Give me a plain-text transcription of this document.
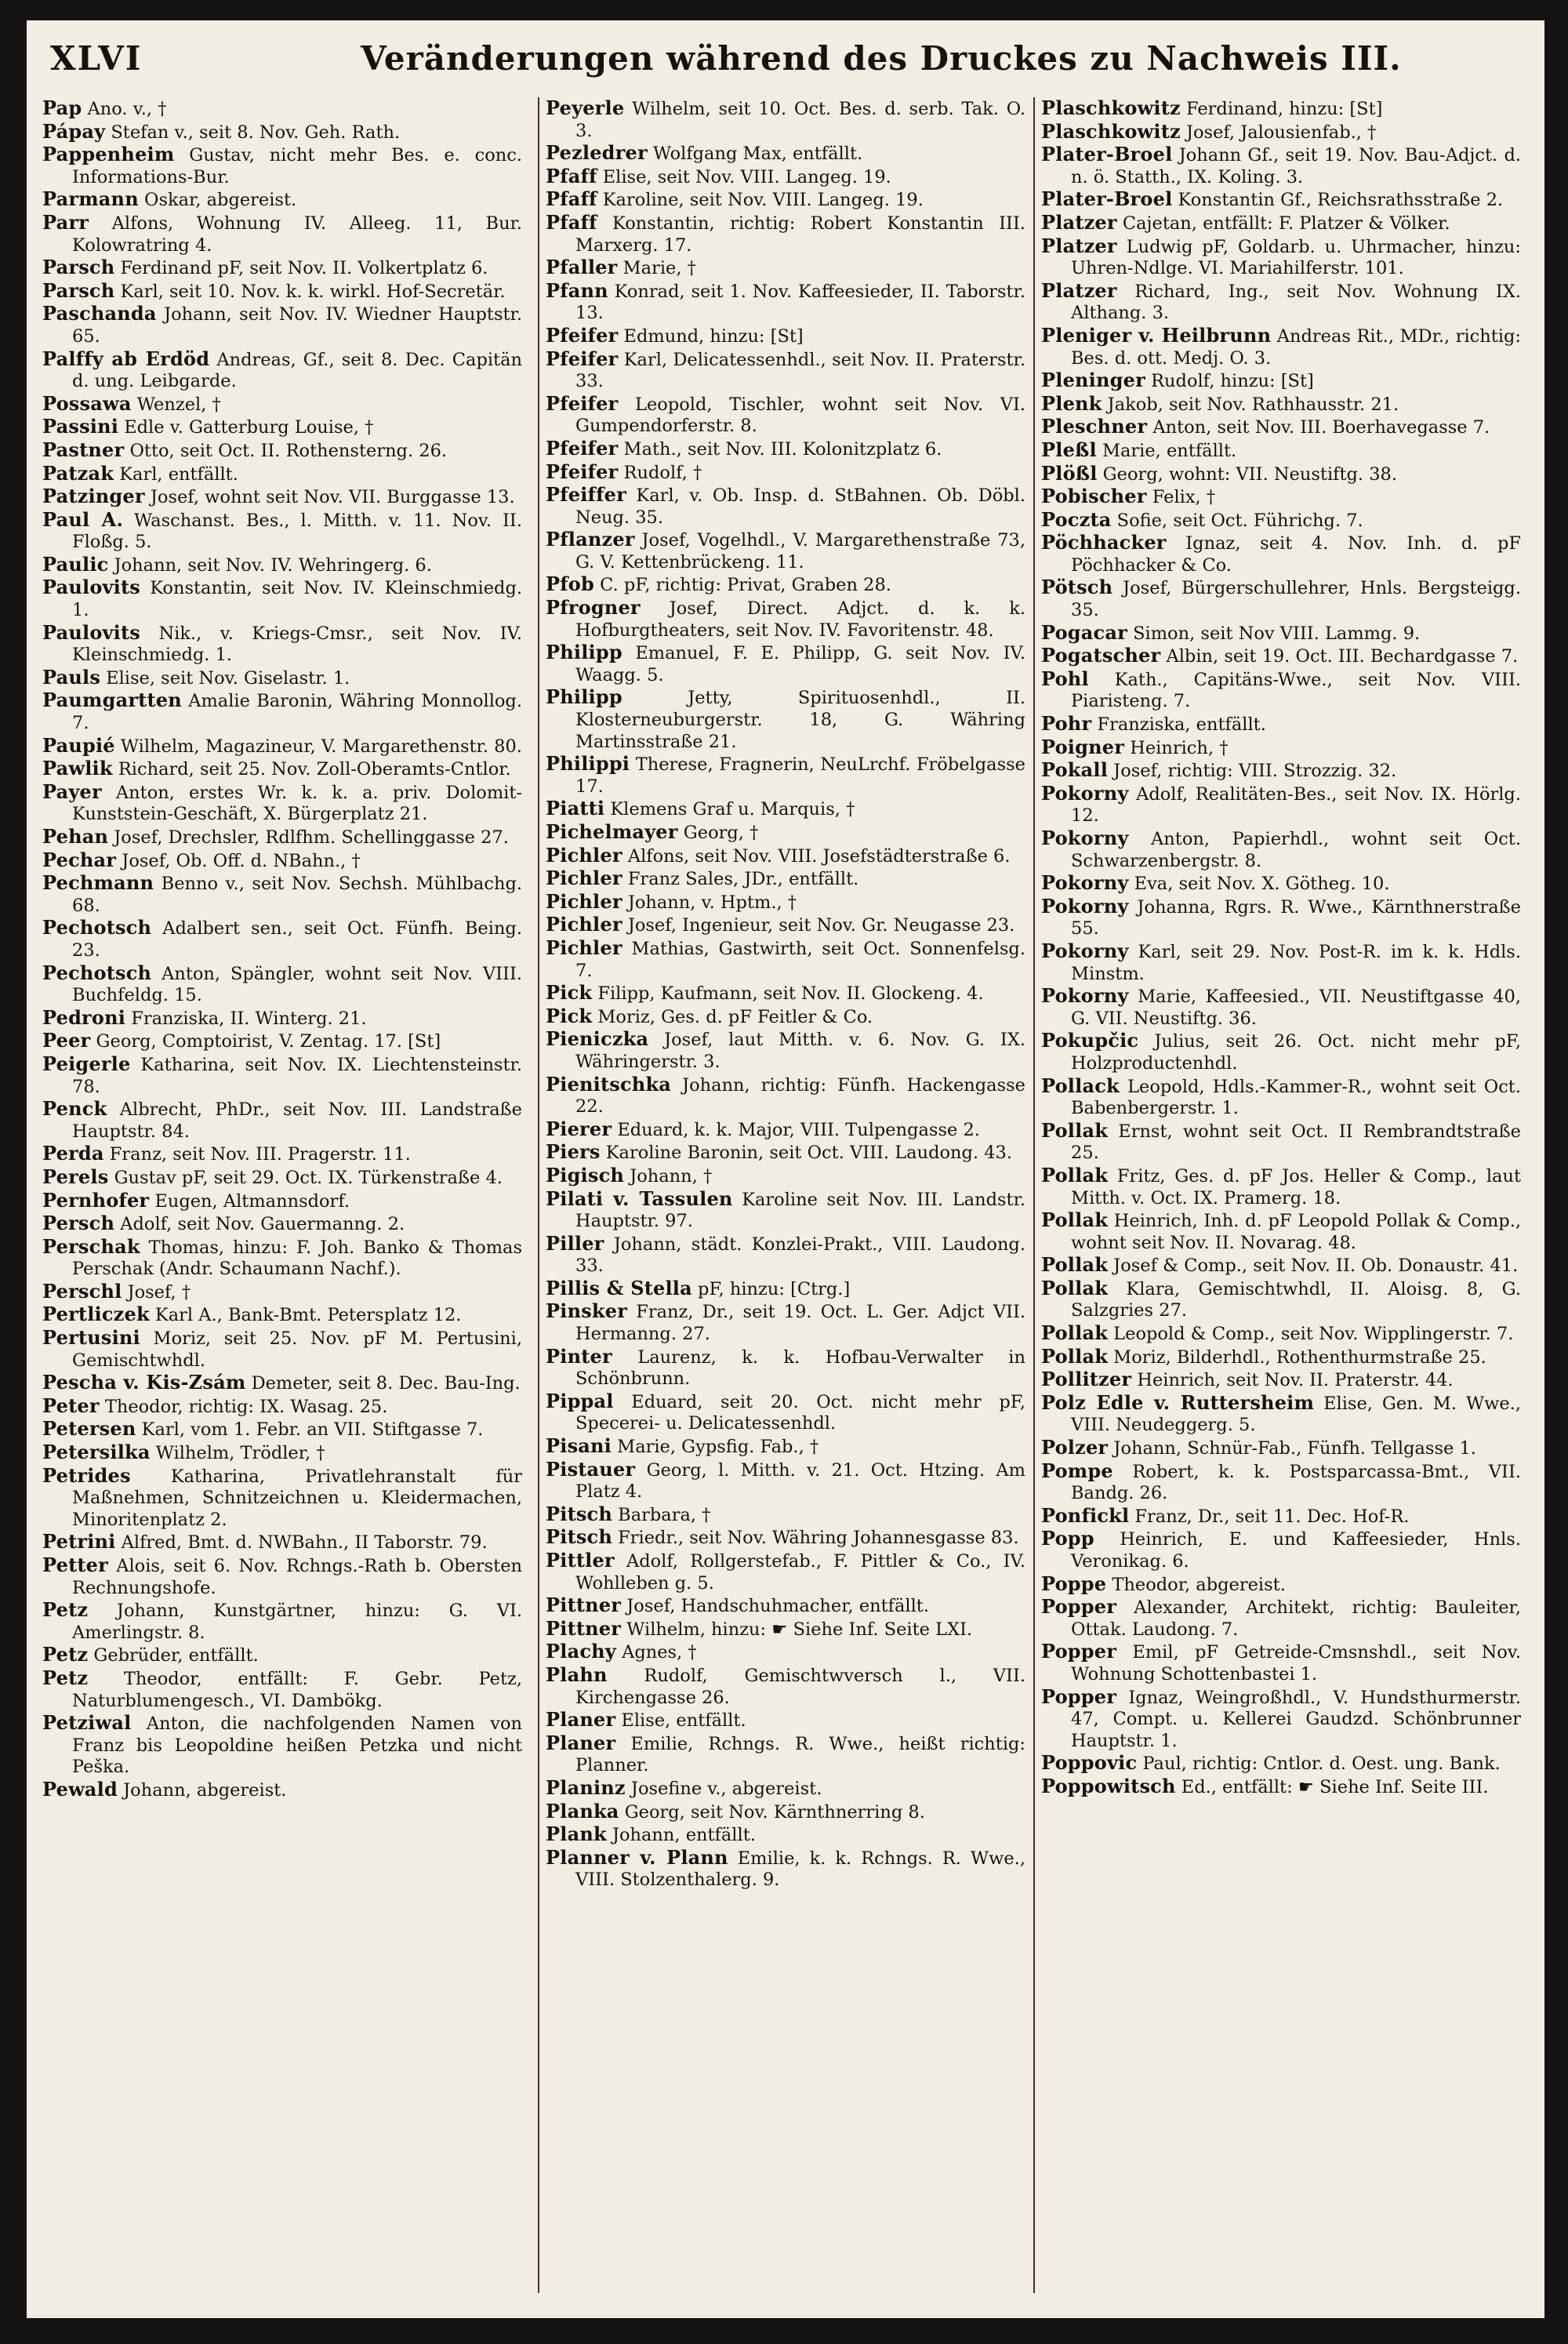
XLVI	Veränderungen während des Druckes zu Nachweis III.

Pap Ano. v., †

Pápay Stefan v., seit 8. Nov. Geh. Rath.

Pappenheim Gustav, nicht mehr Bes. e. conc. Informations-Bur.

Parmann Oskar, abgereist.

Parr Alfons, Wohnung IV. Alleeg. 11, Bur. Kolowratring 4.

Parsch Ferdinand pF, seit Nov. II. Volkertplatz 6.

Parsch Karl, seit 10. Nov. k. k. wirkl. Hof-Secretär.

Paschanda Johann, seit Nov. IV. Wiedner Hauptstr. 65.

Palffy ab Erdöd Andreas, Gf., seit 8. Dec. Capitän d. ung. Leibgarde.

Possawa Wenzel, †

Passini Edle v. Gatterburg Louise, †

Pastner Otto, seit Oct. II. Rothensterng. 26.

Patzak Karl, entfällt.

Patzinger Josef, wohnt seit Nov. VII. Burggasse 13.

Paul A. Waschanst. Bes., l. Mitth. v. 11. Nov. II. Floßg. 5.

Paulic Johann, seit Nov. IV. Wehringerg. 6.

Paulovits Konstantin, seit Nov. IV. Kleinschmiedg. 1.

Paulovits Nik., v. Kriegs-Cmsr., seit Nov. IV. Kleinschmiedg. 1.

Pauls Elise, seit Nov. Giselastr. 1.

Paumgartten Amalie Baronin, Währing Monnollog. 7.

Paupié Wilhelm, Magazineur, V. Margarethenstr. 80.

Pawlik Richard, seit 25. Nov. Zoll-Oberamts-Cntlor.

Payer Anton, erstes Wr. k. k. a. priv. Dolomit-Kunststein-Geschäft, X. Bürgerplatz 21.

Pehan Josef, Drechsler, Rdlfhm. Schellinggasse 27.

Pechar Josef, Ob. Off. d. NBahn., †

Pechmann Benno v., seit Nov. Sechsh. Mühlbachg. 68.

Pechotsch Adalbert sen., seit Oct. Fünfh. Being. 23.

Pechotsch Anton, Spängler, wohnt seit Nov. VIII. Buchfeldg. 15.

Pedroni Franziska, II. Winterg. 21.

Peer Georg, Comptoirist, V. Zentag. 17. [St]

Peigerle Katharina, seit Nov. IX. Liechtensteinstr. 78.

Penck Albrecht, PhDr., seit Nov. III. Landstraße Hauptstr. 84.

Perda Franz, seit Nov. III. Pragerstr. 11.

Perels Gustav pF, seit 29. Oct. IX. Türkenstraße 4.

Pernhofer Eugen, Altmannsdorf.

Persch Adolf, seit Nov. Gauermanng. 2.

Perschak Thomas, hinzu: F. Joh. Banko & Thomas Perschak (Andr. Schaumann Nachf.).

Perschl Josef, †

Pertliczek Karl A., Bank-Bmt. Petersplatz 12.

Pertusini Moriz, seit 25. Nov. pF M. Pertusini, Gemischtwhdl.

Pescha v. Kis-Zsám Demeter, seit 8. Dec. Bau-Ing.

Peter Theodor, richtig: IX. Wasag. 25.

Petersen Karl, vom 1. Febr. an VII. Stiftgasse 7.

Petersilka Wilhelm, Trödler, †

Petrides Katharina, Privatlehranstalt für Maßnehmen, Schnitzeichnen u. Kleidermachen, Minoritenplatz 2.

Petrini Alfred, Bmt. d. NWBahn., II Taborstr. 79.

Petter Alois, seit 6. Nov. Rchngs.-Rath b. Obersten Rechnungshofe.

Petz Johann, Kunstgärtner, hinzu: G. VI. Amerlingstr. 8.

Petz Gebrüder, entfällt.

Petz Theodor, entfällt: F. Gebr. Petz, Naturblumengesch., VI. Dambökg.

Petziwal Anton, die nachfolgenden Namen von Franz bis Leopoldine heißen Petzka und nicht Peška.

Pewald Johann, abgereist.

Peyerle Wilhelm, seit 10. Oct. Bes. d. serb. Tak. O. 3.

Pezledrer Wolfgang Max, entfällt.

Pfaff Elise, seit Nov. VIII. Langeg. 19.

Pfaff Karoline, seit Nov. VIII. Langeg. 19.

Pfaff Konstantin, richtig: Robert Konstantin III. Marxerg. 17.

Pfaller Marie, †

Pfann Konrad, seit 1. Nov. Kaffeesieder, II. Taborstr. 13.

Pfeifer Edmund, hinzu: [St]

Pfeifer Karl, Delicatessenhdl., seit Nov. II. Praterstr. 33.

Pfeifer Leopold, Tischler, wohnt seit Nov. VI. Gumpendorferstr. 8.

Pfeifer Math., seit Nov. III. Kolonitzplatz 6.

Pfeifer Rudolf, †

Pfeiffer Karl, v. Ob. Insp. d. StBahnen. Ob. Döbl. Neug. 35.

Pflanzer Josef, Vogelhdl., V. Margarethenstraße 73, G. V. Kettenbrückeng. 11.

Pfob C. pF, richtig: Privat, Graben 28.

Pfrogner Josef, Direct. Adjct. d. k. k. Hofburgtheaters, seit Nov. IV. Favoritenstr. 48.

Philipp Emanuel, F. E. Philipp, G. seit Nov. IV. Waagg. 5.

Philipp Jetty, Spirituosenhdl., II. Klosterneuburgerstr. 18, G. Währing Martinsstraße 21.

Philippi Therese, Fragnerin, NeuLrchf. Fröbelgasse 17.

Piatti Klemens Graf u. Marquis, †

Pichelmayer Georg, †

Pichler Alfons, seit Nov. VIII. Josefstädterstraße 6.

Pichler Franz Sales, JDr., entfällt.

Pichler Johann, v. Hptm., †

Pichler Josef, Ingenieur, seit Nov. Gr. Neugasse 23.

Pichler Mathias, Gastwirth, seit Oct. Sonnenfelsg. 7.

Pick Filipp, Kaufmann, seit Nov. II. Glockeng. 4.

Pick Moriz, Ges. d. pF Feitler & Co.

Pieniczka Josef, laut Mitth. v. 6. Nov. G. IX. Währingerstr. 3.

Pienitschka Johann, richtig: Fünfh. Hackengasse 22.

Pierer Eduard, k. k. Major, VIII. Tulpengasse 2.

Piers Karoline Baronin, seit Oct. VIII. Laudong. 43.

Pigisch Johann, †

Pilati v. Tassulen Karoline seit Nov. III. Landstr. Hauptstr. 97.

Piller Johann, städt. Konzlei-Prakt., VIII. Laudong. 33.

Pillis & Stella pF, hinzu: [Ctrg.]

Pinsker Franz, Dr., seit 19. Oct. L. Ger. Adjct VII. Hermanng. 27.

Pinter Laurenz, k. k. Hofbau-Verwalter in Schönbrunn.

Pippal Eduard, seit 20. Oct. nicht mehr pF, Specerei- u. Delicatessenhdl.

Pisani Marie, Gypsfig. Fab., †

Pistauer Georg, l. Mitth. v. 21. Oct. Htzing. Am Platz 4.

Pitsch Barbara, †

Pitsch Friedr., seit Nov. Währing Johannesgasse 83.

Pittler Adolf, Rollgerstefab., F. Pittler & Co., IV. Wohlleben g. 5.

Pittner Josef, Handschuhmacher, entfällt.

Pittner Wilhelm, hinzu: ☛ Siehe Inf. Seite LXI.

Plachy Agnes, †

Plahn Rudolf, Gemischtwversch l., VII. Kirchengasse 26.

Planer Elise, entfällt.

Planer Emilie, Rchngs. R. Wwe., heißt richtig: Planner.

Planinz Josefine v., abgereist.

Planka Georg, seit Nov. Kärnthnerring 8.

Plank Johann, entfällt.

Planner v. Plann Emilie, k. k. Rchngs. R. Wwe., VIII. Stolzenthalerg. 9.

Plaschkowitz Ferdinand, hinzu: [St]

Plaschkowitz Josef, Jalousienfab., †

Plater-Broel Johann Gf., seit 19. Nov. Bau-Adjct. d. n. ö. Statth., IX. Koling. 3.

Plater-Broel Konstantin Gf., Reichsrathsstraße 2.

Platzer Cajetan, entfällt: F. Platzer & Völker.

Platzer Ludwig pF, Goldarb. u. Uhrmacher, hinzu: Uhren-Ndlge. VI. Mariahilferstr. 101.

Platzer Richard, Ing., seit Nov. Wohnung IX. Althang. 3.

Pleniger v. Heilbrunn Andreas Rit., MDr., richtig: Bes. d. ott. Medj. O. 3.

Pleninger Rudolf, hinzu: [St]

Plenk Jakob, seit Nov. Rathhausstr. 21.

Pleschner Anton, seit Nov. III. Boerhavegasse 7.

Pleßl Marie, entfällt.

Plößl Georg, wohnt: VII. Neustiftg. 38.

Pobischer Felix, †

Poczta Sofie, seit Oct. Führichg. 7.

Pöchhacker Ignaz, seit 4. Nov. Inh. d. pF Pöchhacker & Co.

Pötsch Josef, Bürgerschullehrer, Hnls. Bergsteigg. 35.

Pogacar Simon, seit Nov VIII. Lammg. 9.

Pogatscher Albin, seit 19. Oct. III. Bechardgasse 7.

Pohl Kath., Capitäns-Wwe., seit Nov. VIII. Piaristeng. 7.

Pohr Franziska, entfällt.

Poigner Heinrich, †

Pokall Josef, richtig: VIII. Strozzig. 32.

Pokorny Adolf, Realitäten-Bes., seit Nov. IX. Hörlg. 12.

Pokorny Anton, Papierhdl., wohnt seit Oct. Schwarzenbergstr. 8.

Pokorny Eva, seit Nov. X. Götheg. 10.

Pokorny Johanna, Rgrs. R. Wwe., Kärnthnerstraße 55.

Pokorny Karl, seit 29. Nov. Post-R. im k. k. Hdls. Minstm.

Pokorny Marie, Kaffeesied., VII. Neustiftgasse 40, G. VII. Neustiftg. 36.

Pokupčic Julius, seit 26. Oct. nicht mehr pF, Holzproductenhdl.

Pollack Leopold, Hdls.-Kammer-R., wohnt seit Oct. Babenbergerstr. 1.

Pollak Ernst, wohnt seit Oct. II Rembrandtstraße 25.

Pollak Fritz, Ges. d. pF Jos. Heller & Comp., laut Mitth. v. Oct. IX. Pramerg. 18.

Pollak Heinrich, Inh. d. pF Leopold Pollak & Comp., wohnt seit Nov. II. Novarag. 48.

Pollak Josef & Comp., seit Nov. II. Ob. Donaustr. 41.

Pollak Klara, Gemischtwhdl, II. Aloisg. 8, G. Salzgries 27.

Pollak Leopold & Comp., seit Nov. Wipplingerstr. 7.

Pollak Moriz, Bilderhdl., Rothenthurmstraße 25.

Pollitzer Heinrich, seit Nov. II. Praterstr. 44.

Polz Edle v. Ruttersheim Elise, Gen. M. Wwe., VIII. Neudeggerg. 5.

Polzer Johann, Schnür-Fab., Fünfh. Tellgasse 1.

Pompe Robert, k. k. Postsparcassa-Bmt., VII. Bandg. 26.

Ponfickl Franz, Dr., seit 11. Dec. Hof-R.

Popp Heinrich, E. und Kaffeesieder, Hnls. Veronikag. 6.

Poppe Theodor, abgereist.

Popper Alexander, Architekt, richtig: Bauleiter, Ottak. Laudong. 7.

Popper Emil, pF Getreide-Cmsnshdl., seit Nov. Wohnung Schottenbastei 1.

Popper Ignaz, Weingroßhdl., V. Hundsthurmerstr. 47, Compt. u. Kellerei Gaudzd. Schönbrunner Hauptstr. 1.

Poppovic Paul, richtig: Cntlor. d. Oest. ung. Bank.

Poppowitsch Ed., entfällt: ☛ Siehe Inf. Seite III.
